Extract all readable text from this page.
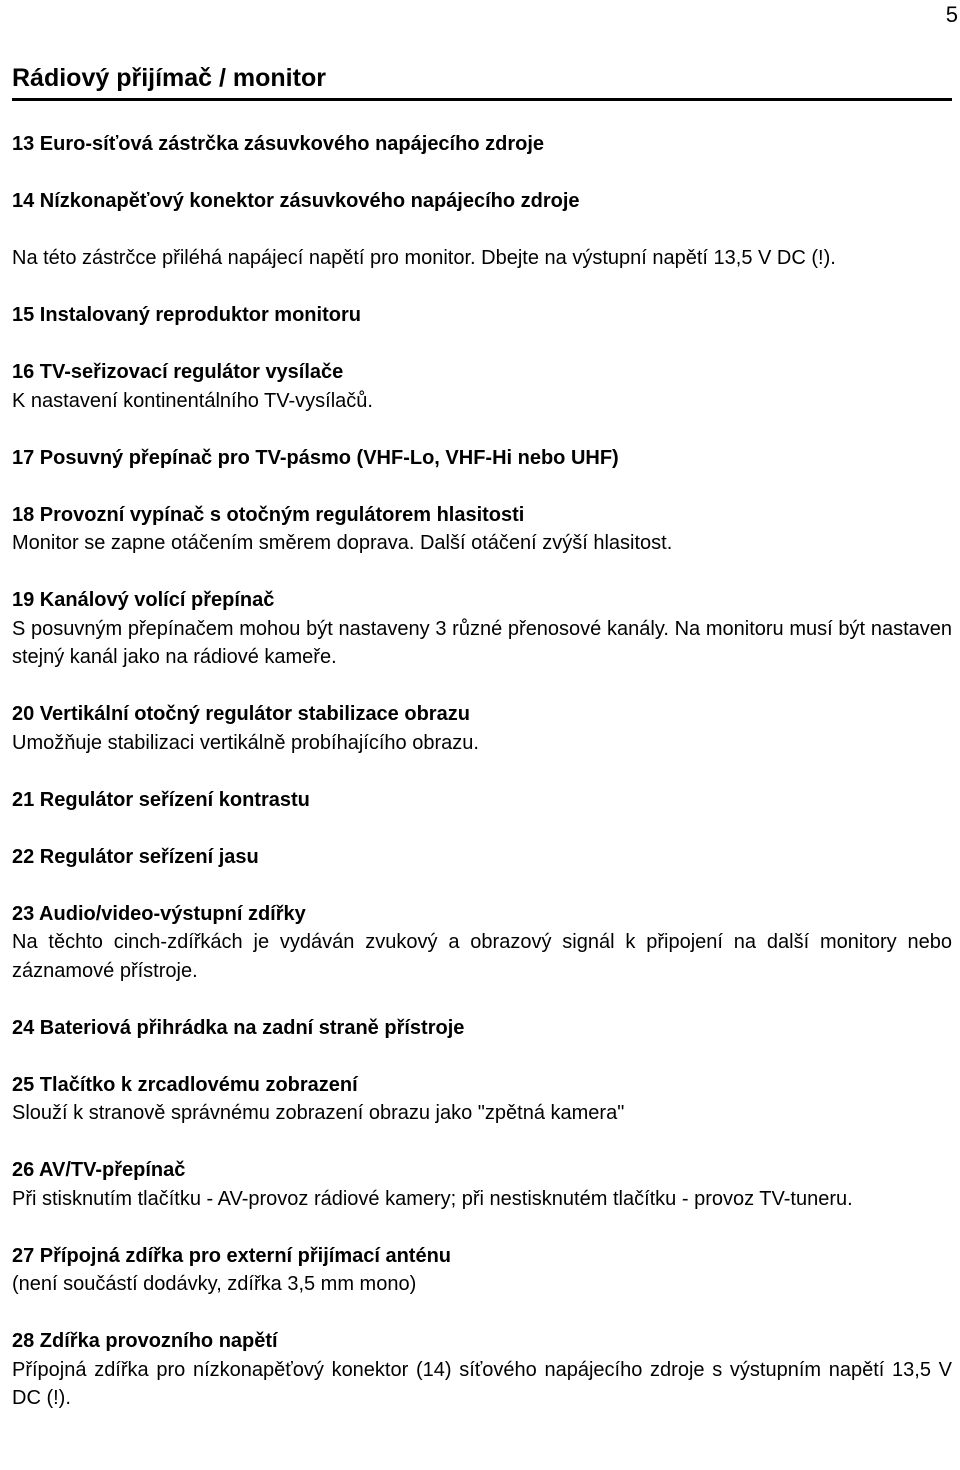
5
Rádiový přijímač / monitor
13 Euro-síťová zástrčka zásuvkového napájecího zdroje
14 Nízkonapěťový konektor zásuvkového napájecího zdroje
Na této zástrčce přiléhá napájecí napětí pro monitor. Dbejte na výstupní napětí 13,5 V DC (!).
15 Instalovaný reproduktor monitoru
16 TV-seřizovací regulátor vysílače
K nastavení kontinentálního TV-vysílačů.
17 Posuvný přepínač pro TV-pásmo (VHF-Lo, VHF-Hi nebo UHF)
18 Provozní vypínač s otočným regulátorem hlasitosti
Monitor se zapne otáčením směrem doprava. Další otáčení zvýší hlasitost.
19 Kanálový volící přepínač
S posuvným přepínačem mohou být nastaveny 3 různé přenosové kanály. Na monitoru musí být nastaven stejný kanál jako na rádiové kameře.
20 Vertikální otočný regulátor stabilizace obrazu
Umožňuje stabilizaci vertikálně probíhajícího obrazu.
21 Regulátor seřízení kontrastu
22 Regulátor seřízení jasu
23 Audio/video-výstupní zdířky
Na těchto cinch-zdířkách je vydáván zvukový a obrazový signál k připojení na další monitory nebo záznamové přístroje.
24 Bateriová přihrádka na zadní straně přístroje
25 Tlačítko k zrcadlovému zobrazení
Slouží k stranově správnému zobrazení obrazu jako "zpětná kamera"
26 AV/TV-přepínač
Při stisknutím tlačítku - AV-provoz rádiové kamery; při nestisknutém tlačítku - provoz TV-tuneru.
27 Přípojná zdířka pro externí přijímací anténu
(není součástí dodávky, zdířka 3,5 mm mono)
28 Zdířka provozního napětí
Přípojná zdířka pro nízkonapěťový konektor (14) síťového napájecího zdroje s výstupním napětí 13,5 V DC (!).
